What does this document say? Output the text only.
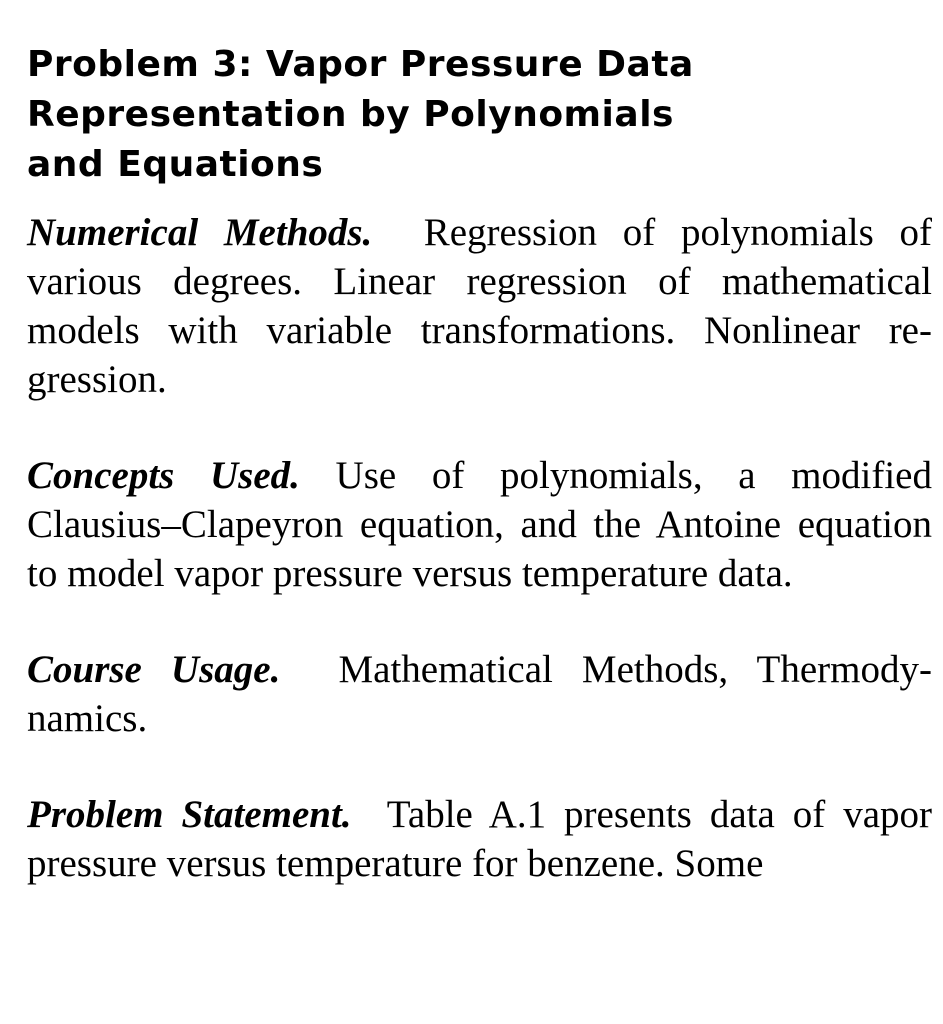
Problem 3: Vapor Pressure Data
Representation by Polynomials
and Equations

Numerical Methods. Regression of polynomials of various degrees. Linear regression of mathematical models with variable transformations. Nonlinear regression.

Concepts Used. Use of polynomials, a modified Clausius–Clapeyron equation, and the Antoine equation to model vapor pressure versus temperature data.

Course Usage. Mathematical Methods, Thermodynamics.

Problem Statement. Table A.1 presents data of vapor pressure versus temperature for benzene. Some
